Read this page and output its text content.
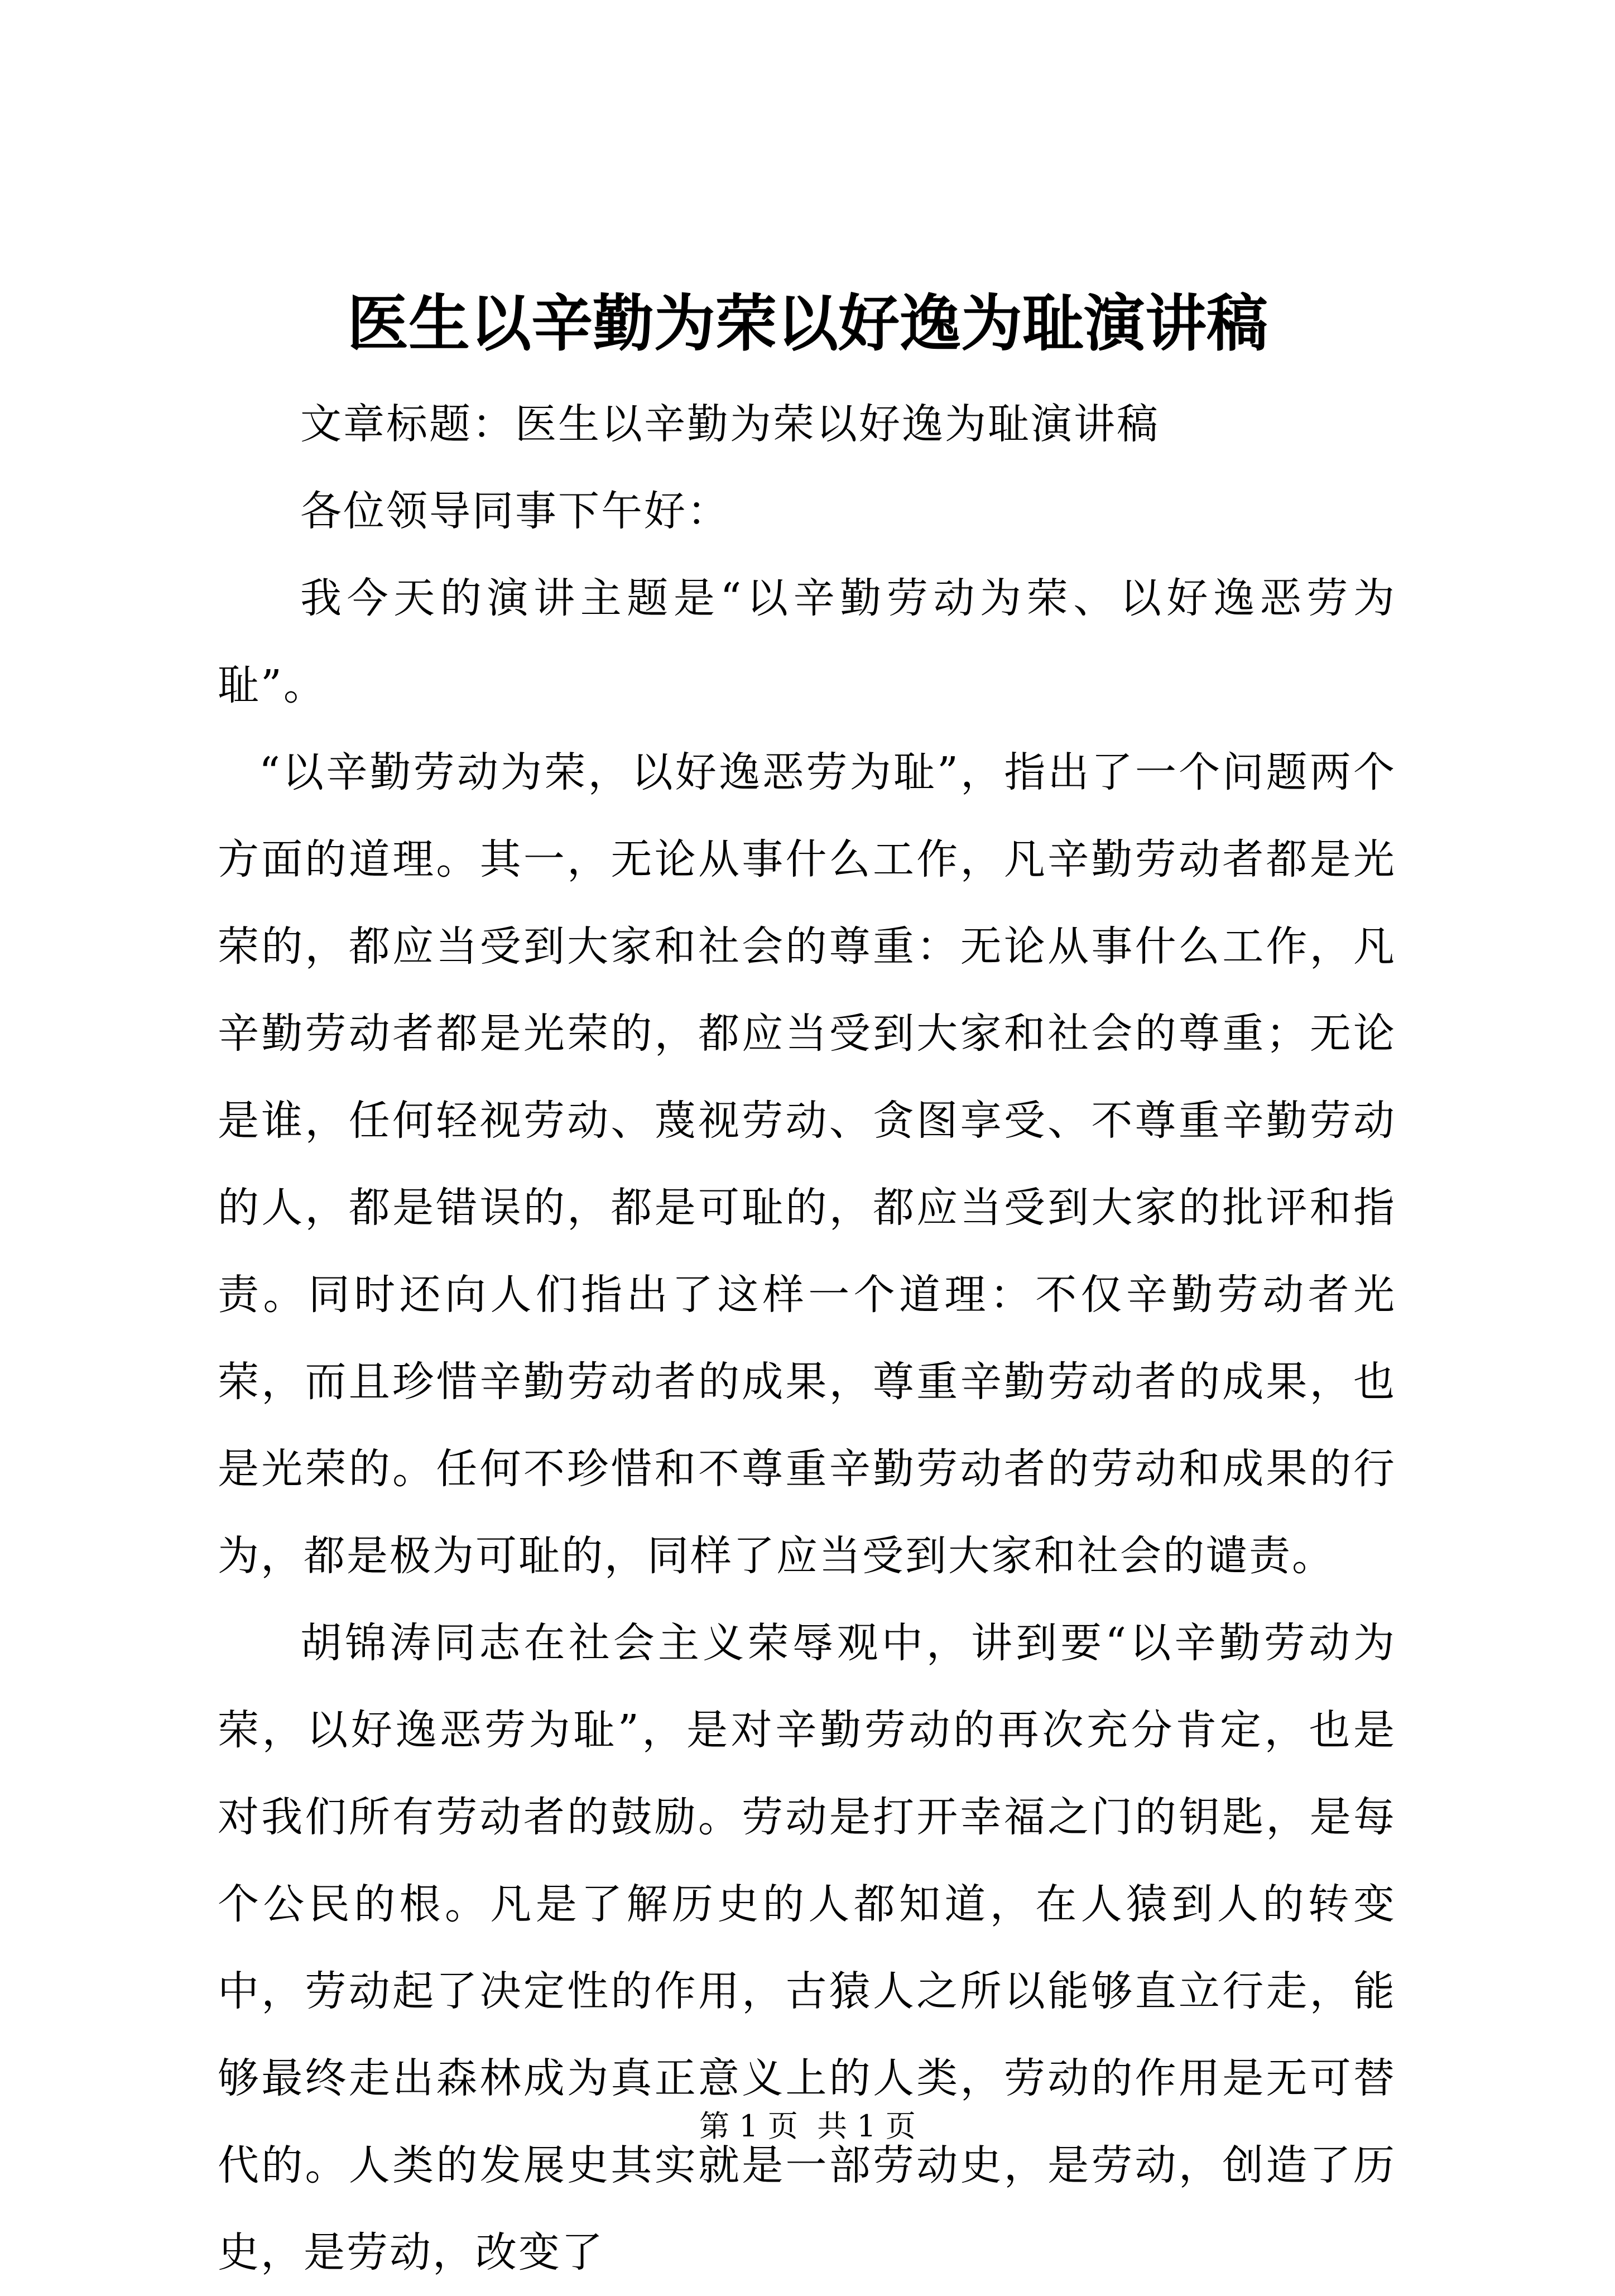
医生以辛勤为荣以好逸为耻演讲稿

文章标题：医生以辛勤为荣以好逸为耻演讲稿

各位领导同事下午好：

我今天的演讲主题是“以辛勤劳动为荣、以好逸恶劳为耻”。

“以辛勤劳动为荣，以好逸恶劳为耻”，指出了一个问题两个方面的道理。其一，无论从事什么工作，凡辛勤劳动者都是光荣的，都应当受到大家和社会的尊重：无论从事什么工作，凡辛勤劳动者都是光荣的，都应当受到大家和社会的尊重；无论是谁，任何轻视劳动、蔑视劳动、贪图享受、不尊重辛勤劳动的人，都是错误的，都是可耻的，都应当受到大家的批评和指责。同时还向人们指出了这样一个道理：不仅辛勤劳动者光荣，而且珍惜辛勤劳动者的成果，尊重辛勤劳动者的成果，也是光荣的。任何不珍惜和不尊重辛勤劳动者的劳动和成果的行为，都是极为可耻的，同样了应当受到大家和社会的谴责。

胡锦涛同志在社会主义荣辱观中，讲到要“以辛勤劳动为荣，以好逸恶劳为耻”，是对辛勤劳动的再次充分肯定，也是对我们所有劳动者的鼓励。劳动是打开幸福之门的钥匙，是每个公民的根。凡是了解历史的人都知道，在人猿到人的转变中，劳动起了决定性的作用，古猿人之所以能够直立行走，能够最终走出森林成为真正意义上的人类，劳动的作用是无可替代的。人类的发展史其实就是一部劳动史，是劳动，创造了历史，是劳动，改变了

第 1 页  共 1 页
